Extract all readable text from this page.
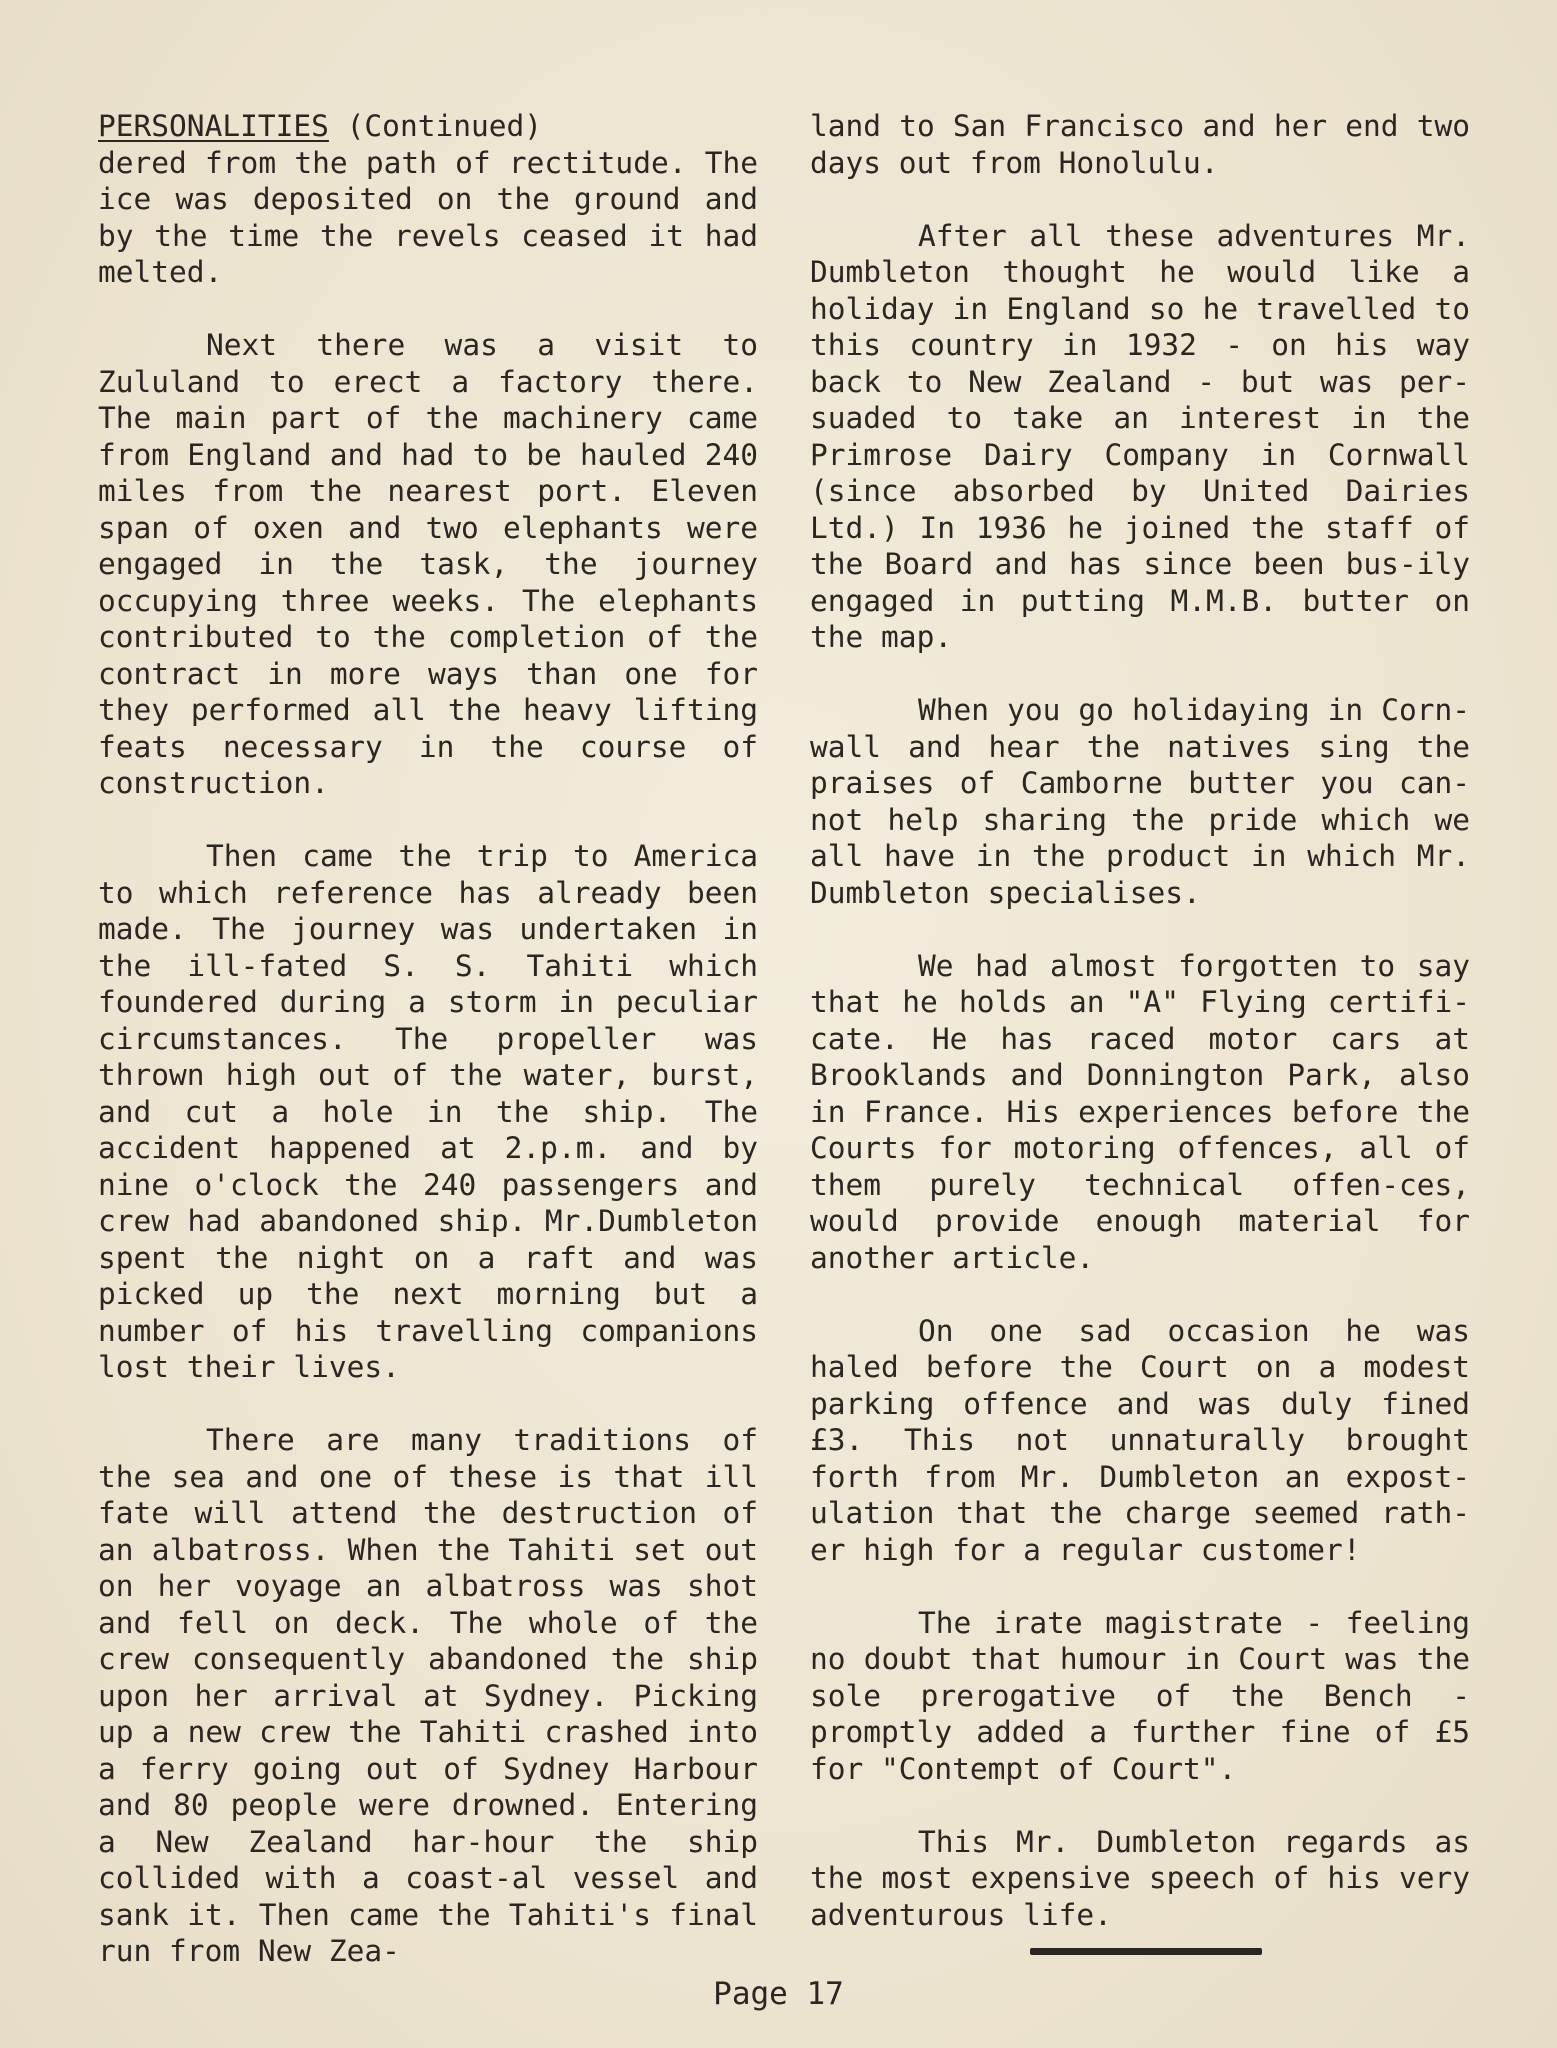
PERSONALITIES (Continued)

dered from the path of rectitude. The ice was deposited on the ground and by the time the revels ceased it had melted.

Next there was a visit to Zululand to erect a factory there. The main part of the machinery came from England and had to be hauled 240 miles from the nearest port. Eleven span of oxen and two elephants were engaged in the task, the journey occupying three weeks. The elephants contributed to the completion of the contract in more ways than one for they performed all the heavy lifting feats necessary in the course of construction.

Then came the trip to America to which reference has already been made. The journey was undertaken in the ill-fated S. S. Tahiti which foundered during a storm in peculiar circumstances. The propeller was thrown high out of the water, burst, and cut a hole in the ship. The accident happened at 2.p.m. and by nine o'clock the 240 passengers and crew had abandoned ship. Mr.Dumbleton spent the night on a raft and was picked up the next morning but a number of his travelling companions lost their lives.

There are many traditions of the sea and one of these is that ill fate will attend the destruction of an albatross. When the Tahiti set out on her voyage an albatross was shot and fell on deck. The whole of the crew consequently abandoned the ship upon her arrival at Sydney. Picking up a new crew the Tahiti crashed into a ferry going out of Sydney Harbour and 80 people were drowned. Entering a New Zealand har-hour the ship collided with a coast-al vessel and sank it. Then came the Tahiti's final run from New Zea-

land to San Francisco and her end two days out from Honolulu.

After all these adventures Mr. Dumbleton thought he would like a holiday in England so he travelled to this country in 1932 - on his way back to New Zealand - but was per-suaded to take an interest in the Primrose Dairy Company in Cornwall (since absorbed by United Dairies Ltd.) In 1936 he joined the staff of the Board and has since been bus-ily engaged in putting M.M.B. butter on the map.

When you go holidaying in Corn-wall and hear the natives sing the praises of Camborne butter you can-not help sharing the pride which we all have in the product in which Mr. Dumbleton specialises.

We had almost forgotten to say that he holds an "A" Flying certifi-cate. He has raced motor cars at Brooklands and Donnington Park, also in France. His experiences before the Courts for motoring offences, all of them purely technical offen-ces, would provide enough material for another article.

On one sad occasion he was haled before the Court on a modest parking offence and was duly fined £3. This not unnaturally brought forth from Mr. Dumbleton an expost-ulation that the charge seemed rath-er high for a regular customer!

The irate magistrate - feeling no doubt that humour in Court was the sole prerogative of the Bench - promptly added a further fine of £5 for "Contempt of Court".

This Mr. Dumbleton regards as the most expensive speech of his very adventurous life.

Page 17
